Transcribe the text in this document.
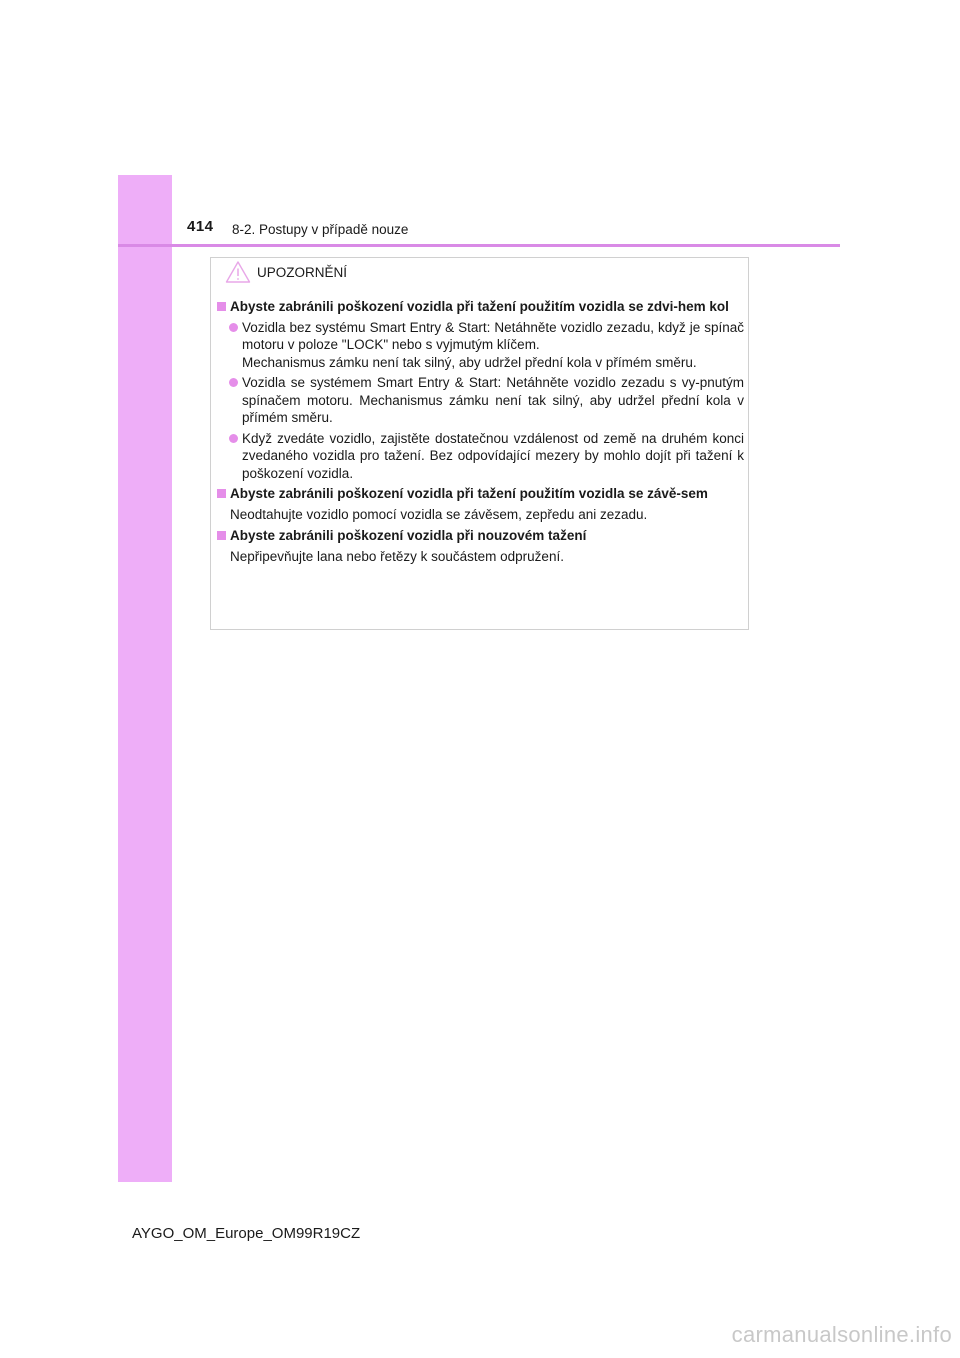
414 8-2. Postupy v případě nouze
UPOZORNĚNÍ
Abyste zabránili poškození vozidla při tažení použitím vozidla se zdvi-hem kol
Vozidla bez systému Smart Entry & Start: Netáhněte vozidlo zezadu, když je spínač motoru v poloze "LOCK" nebo s vyjmutým klíčem.
Mechanismus zámku není tak silný, aby udržel přední kola v přímém směru.
Vozidla se systémem Smart Entry & Start: Netáhněte vozidlo zezadu s vy-pnutým spínačem motoru. Mechanismus zámku není tak silný, aby udržel přední kola v přímém směru.
Když zvedáte vozidlo, zajistěte dostatečnou vzdálenost od země na druhém konci zvedaného vozidla pro tažení. Bez odpovídající mezery by mohlo dojít při tažení k poškození vozidla.
Abyste zabránili poškození vozidla při tažení použitím vozidla se závě-sem
Neodtahujte vozidlo pomocí vozidla se závěsem, zepředu ani zezadu.
Abyste zabránili poškození vozidla při nouzovém tažení
Nepřipevňujte lana nebo řetězy k součástem odpružení.
AYGO_OM_Europe_OM99R19CZ
carmanualsonline.info
